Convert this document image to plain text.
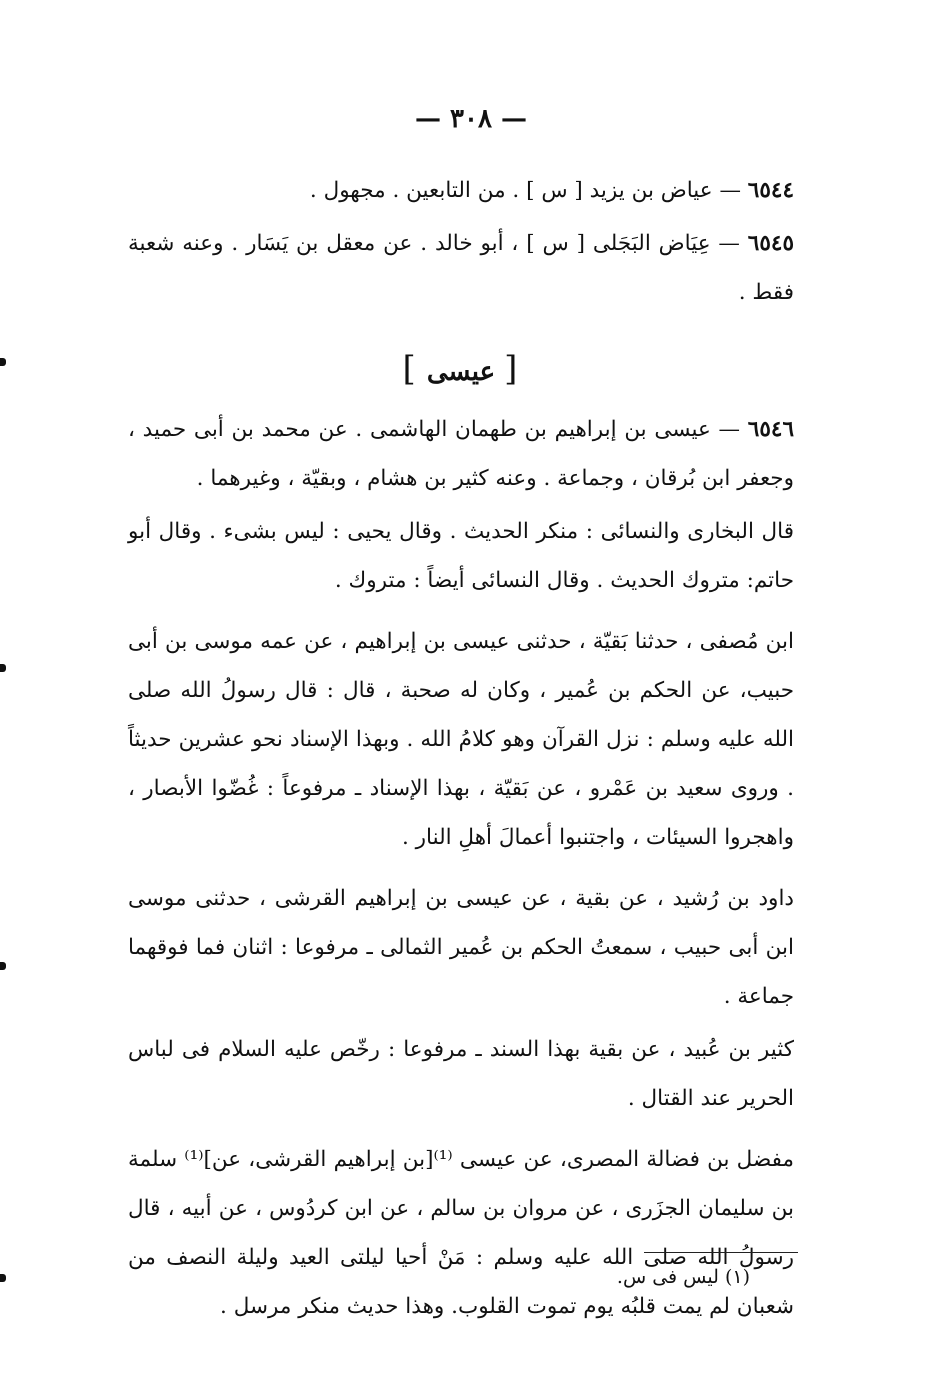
— ٣٠٨ —

٦٥٤٤ — عياض بن يزيد [ س ] . من التابعين . مجهول .

٦٥٤٥ — عِيَاض البَجَلى [ س ] ، أبو خالد . عن معقل بن يَسَار . وعنه شعبة فقط .

[ عيسى ]

٦٥٤٦ — عيسى بن إبراهيم بن طهمان الهاشمى . عن محمد بن أبى حميد ، وجعفر ابن بُرقان ، وجماعة . وعنه كثير بن هشام ، وبقيّة ، وغيرهما .

قال البخارى والنسائى : منكر الحديث . وقال يحيى : ليس بشىء . وقال أبو حاتم: متروك الحديث . وقال النسائى أيضاً : متروك .

ابن مُصفى ، حدثنا بَقيّة ، حدثنى عيسى بن إبراهيم ، عن عمه موسى بن أبى حبيب، عن الحكم بن عُمير ، وكان له صحبة ، قال : قال رسولُ الله صلى الله عليه وسلم : نزل القرآن وهو كلامُ الله . وبهذا الإسناد نحو عشرين حديثاً . وروى سعيد بن عَمْرو ، عن بَقيّة ، بهذا الإسناد ـ مرفوعاً : غُضّوا الأبصار ، واهجروا السيئات ، واجتنبوا أعمالَ أهلِ النار .

داود بن رُشيد ، عن بقية ، عن عيسى بن إبراهيم القرشى ، حدثنى موسى ابن أبى حبيب ، سمعتُ الحكم بن عُمير الثمالى ـ مرفوعا : اثنان فما فوقهما جماعة .

كثير بن عُبيد ، عن بقية بهذا السند ـ مرفوعا : رخّص عليه السلام فى لباس الحرير عند القتال .

مفضل بن فضالة المصرى، عن عيسى ⁽¹⁾[بن إبراهيم القرشى، عن]⁽¹⁾ سلمة بن سليمان الجزَرى ، عن مروان بن سالم ، عن ابن كردُوس ، عن أبيه ، قال رسولُ الله صلى الله عليه وسلم : مَنْ أحيا ليلتى العيد وليلة النصف من شعبان لم يمت قلبُه يوم تموت القلوب. وهذا حديث منكر مرسل .

(١) ليس فى س.
